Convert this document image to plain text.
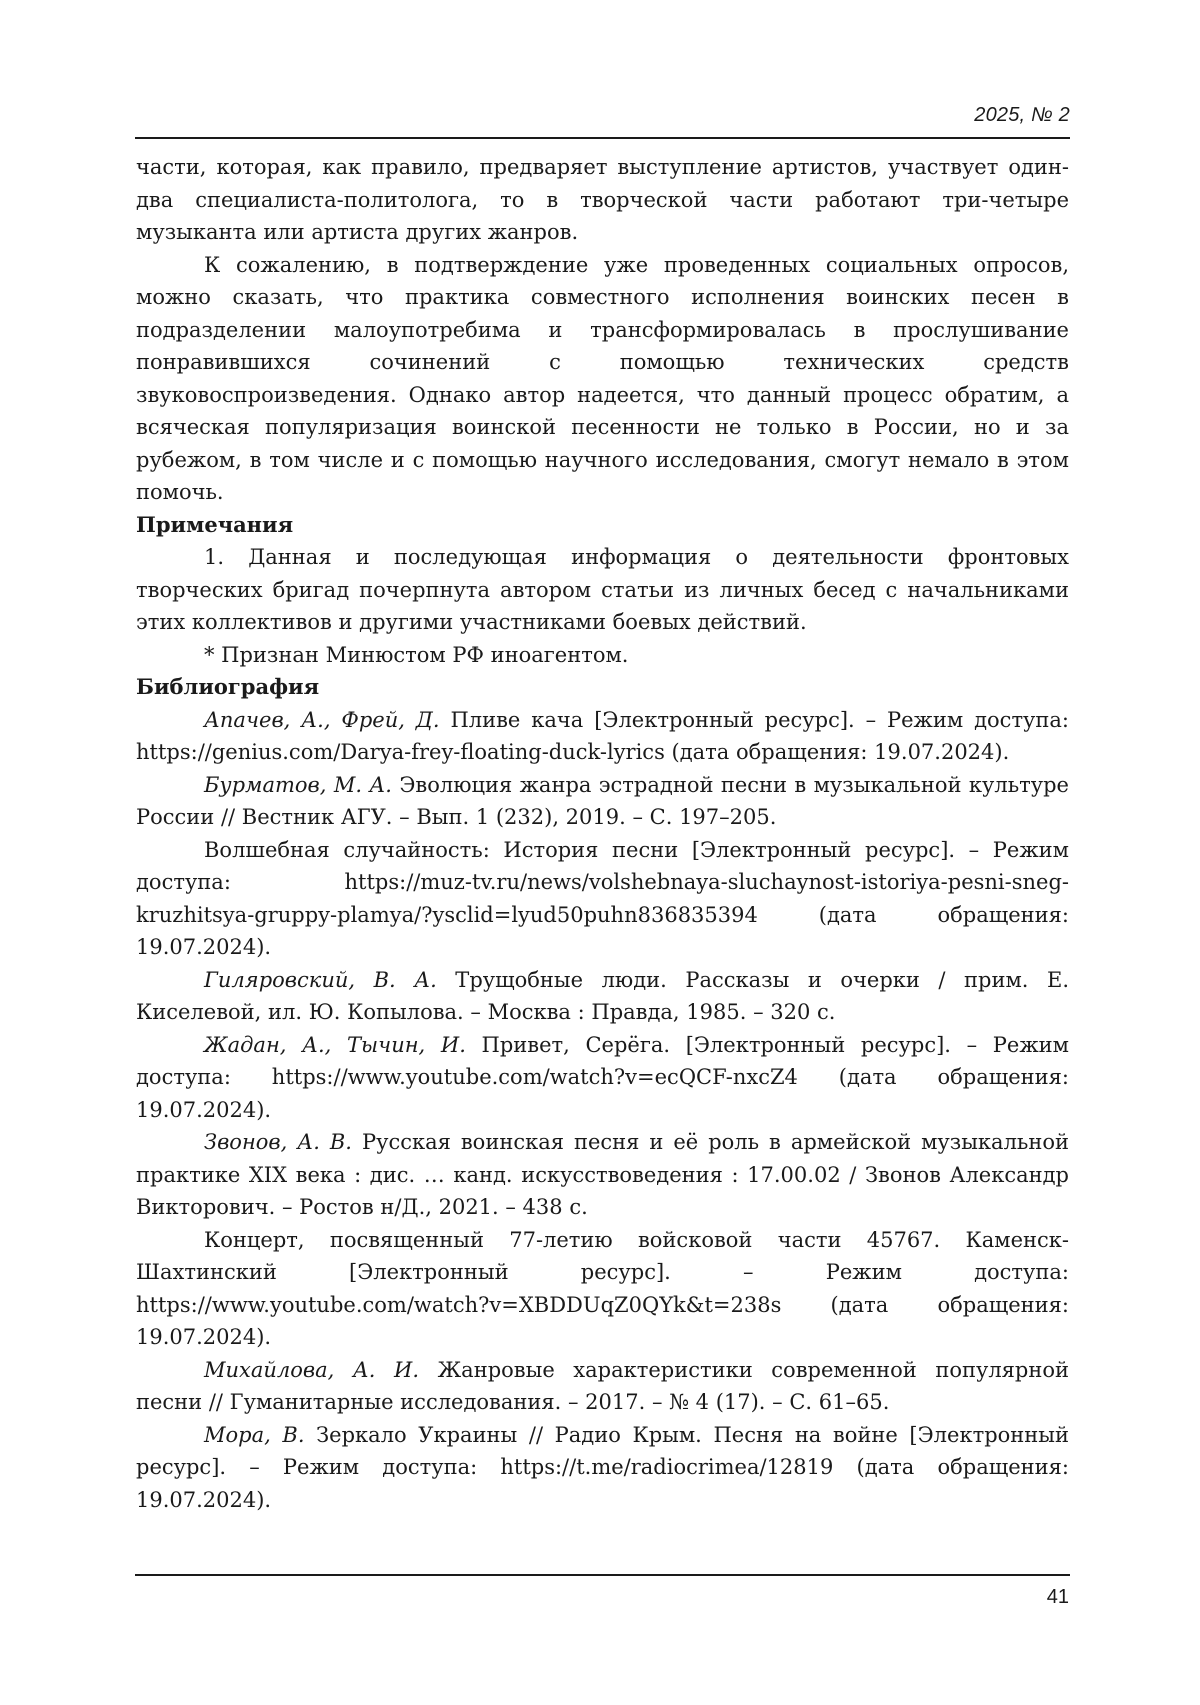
2025, № 2

части, которая, как правило, предваряет выступление артистов, участвует один-два специалиста-политолога, то в творческой части работают три-четыре музыканта или артиста других жанров.

К сожалению, в подтверждение уже проведенных социальных опросов, можно сказать, что практика совместного исполнения воинских песен в подразделении малоупотребима и трансформировалась в прослушивание понравившихся сочинений с помощью технических средств звуковоспроизведения. Однако автор надеется, что данный процесс обратим, а всяческая популяризация воинской песенности не только в России, но и за рубежом, в том числе и с помощью научного исследования, смогут немало в этом помочь.

Примечания

1. Данная и последующая информация о деятельности фронтовых творческих бригад почерпнута автором статьи из личных бесед с начальниками этих коллективов и другими участниками боевых действий.

* Признан Минюстом РФ иноагентом.

Библиография

Апачев, А., Фрей, Д. Пливе кача [Электронный ресурс]. – Режим доступа: https://genius.com/Darya-frey-floating-duck-lyrics (дата обращения: 19.07.2024).

Бурматов, М. А. Эволюция жанра эстрадной песни в музыкальной культуре России // Вестник АГУ. – Вып. 1 (232), 2019. – С. 197–205.

Волшебная случайность: История песни [Электронный ресурс]. – Режим доступа: https://muz-tv.ru/news/volshebnaya-sluchaynost-istoriya-pesni-sneg-kruzhitsya-gruppy-plamya/?ysclid=lyud50puhn836835394 (дата обращения: 19.07.2024).

Гиляровский, В. А. Трущобные люди. Рассказы и очерки / прим. Е. Киселевой, ил. Ю. Копылова. – Москва : Правда, 1985. – 320 с.

Жадан, А., Тычин, И. Привет, Серёга. [Электронный ресурс]. – Режим доступа: https://www.youtube.com/watch?v=ecQCF-nxcZ4 (дата обращения: 19.07.2024).

Звонов, А. В. Русская воинская песня и её роль в армейской музыкальной практике XIX века : дис. … канд. искусствоведения : 17.00.02 / Звонов Александр Викторович. – Ростов н/Д., 2021. – 438 с.

Концерт, посвященный 77-летию войсковой части 45767. Каменск-Шахтинский [Электронный ресурс]. – Режим доступа: https://www.youtube.com/watch?v=XBDDUqZ0QYk&t=238s (дата обращения: 19.07.2024).

Михайлова, А. И. Жанровые характеристики современной популярной песни // Гуманитарные исследования. – 2017. – № 4 (17). – С. 61–65.

Мора, В. Зеркало Украины // Радио Крым. Песня на войне [Электронный ресурс]. – Режим доступа: https://t.me/radiocrimea/12819 (дата обращения: 19.07.2024).

41
